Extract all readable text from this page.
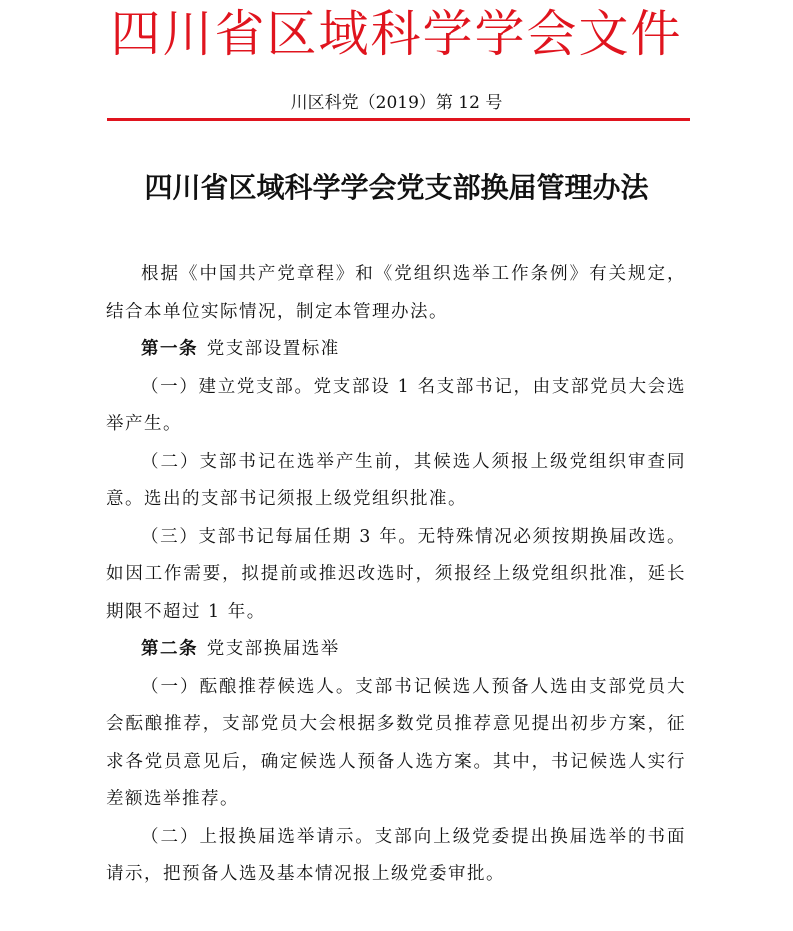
四川省区域科学学会文件
川区科党（2019）第 12 号
四川省区域科学学会党支部换届管理办法

根据《中国共产党章程》和《党组织选举工作条例》有关规定，结合本单位实际情况，制定本管理办法。

第一条 党支部设置标准

（一）建立党支部。党支部设 1 名支部书记，由支部党员大会选举产生。

（二）支部书记在选举产生前，其候选人须报上级党组织审查同意。选出的支部书记须报上级党组织批准。

（三）支部书记每届任期 3 年。无特殊情况必须按期换届改选。如因工作需要，拟提前或推迟改选时，须报经上级党组织批准，延长期限不超过 1 年。

第二条 党支部换届选举

（一）酝酿推荐候选人。支部书记候选人预备人选由支部党员大会酝酿推荐，支部党员大会根据多数党员推荐意见提出初步方案，征求各党员意见后，确定候选人预备人选方案。其中，书记候选人实行差额选举推荐。

（二）上报换届选举请示。支部向上级党委提出换届选举的书面请示，把预备人选及基本情况报上级党委审批。
